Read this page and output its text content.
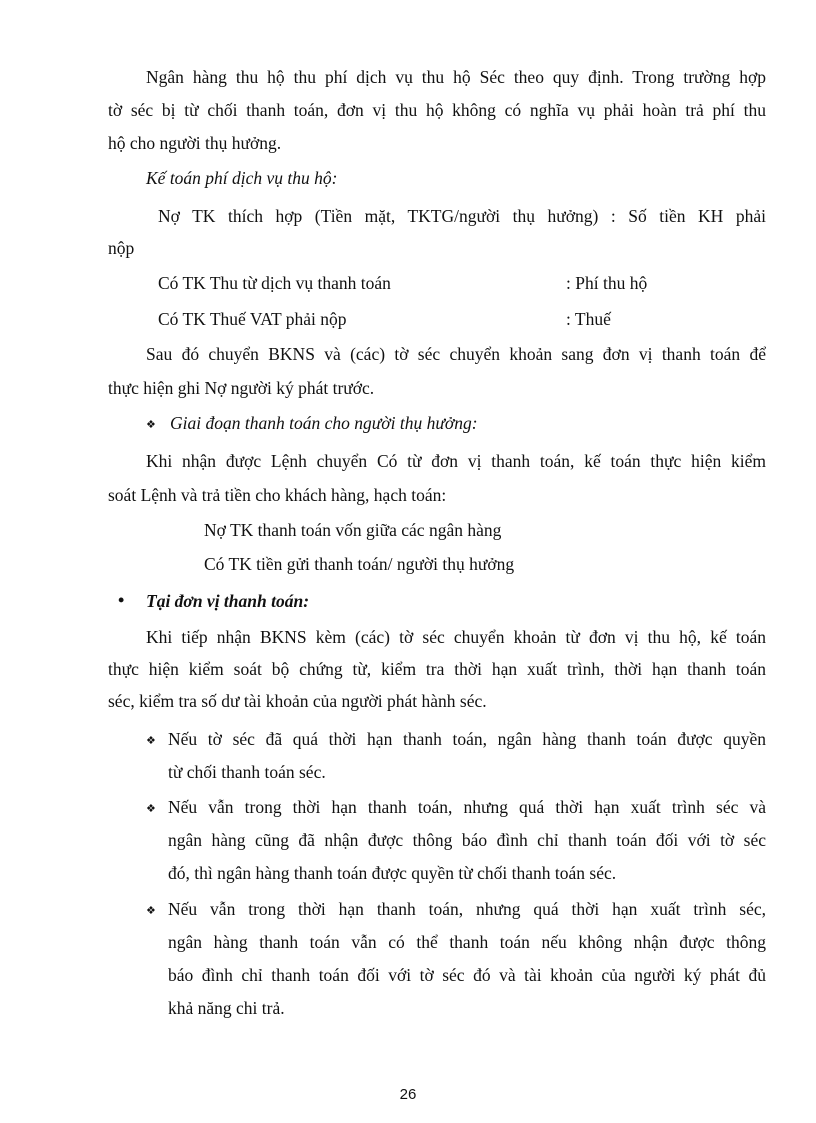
Ngân hàng thu hộ thu phí dịch vụ thu hộ Séc theo quy định. Trong trường hợp
tờ séc bị từ chối thanh toán, đơn vị thu hộ không có nghĩa vụ phải hoàn trả phí thu
hộ cho người thụ hưởng.
Kế toán phí dịch vụ thu hộ:
Nợ TK thích hợp (Tiền mặt, TKTG/người thụ hưởng) : Số tiền KH phải
nộp
Có TK Thu từ dịch vụ thanh toán	: Phí thu hộ
Có TK Thuế VAT phải nộp	: Thuế
Sau đó chuyển BKNS và (các) tờ séc chuyển khoản sang đơn vị thanh toán để
thực hiện ghi Nợ người ký phát trước.
❖ Giai đoạn thanh toán cho người thụ hưởng:
Khi nhận được Lệnh chuyển Có từ đơn vị thanh toán, kế toán thực hiện kiểm
soát Lệnh và trả tiền cho khách hàng, hạch toán:
Nợ TK thanh toán vốn giữa các ngân hàng
Có TK tiền gửi thanh toán/ người thụ hưởng
• Tại đơn vị thanh toán:
Khi tiếp nhận BKNS kèm (các) tờ séc chuyển khoản từ đơn vị thu hộ, kế toán
thực hiện kiểm soát bộ chứng từ, kiểm tra thời hạn xuất trình, thời hạn thanh toán
séc, kiểm tra số dư tài khoản của người phát hành séc.
❖ Nếu tờ séc đã quá thời hạn thanh toán, ngân hàng thanh toán được quyền
từ chối thanh toán séc.
❖ Nếu vẫn trong thời hạn thanh toán, nhưng quá thời hạn xuất trình séc và
ngân hàng cũng đã nhận được thông báo đình chỉ thanh toán đối với tờ séc
đó, thì ngân hàng thanh toán được quyền từ chối thanh toán séc.
❖ Nếu vẫn trong thời hạn thanh toán, nhưng quá thời hạn xuất trình séc,
ngân hàng thanh toán vẫn có thể thanh toán nếu không nhận được thông
báo đình chỉ thanh toán đối với tờ séc đó và tài khoản của người ký phát đủ
khả năng chi trả.
26
